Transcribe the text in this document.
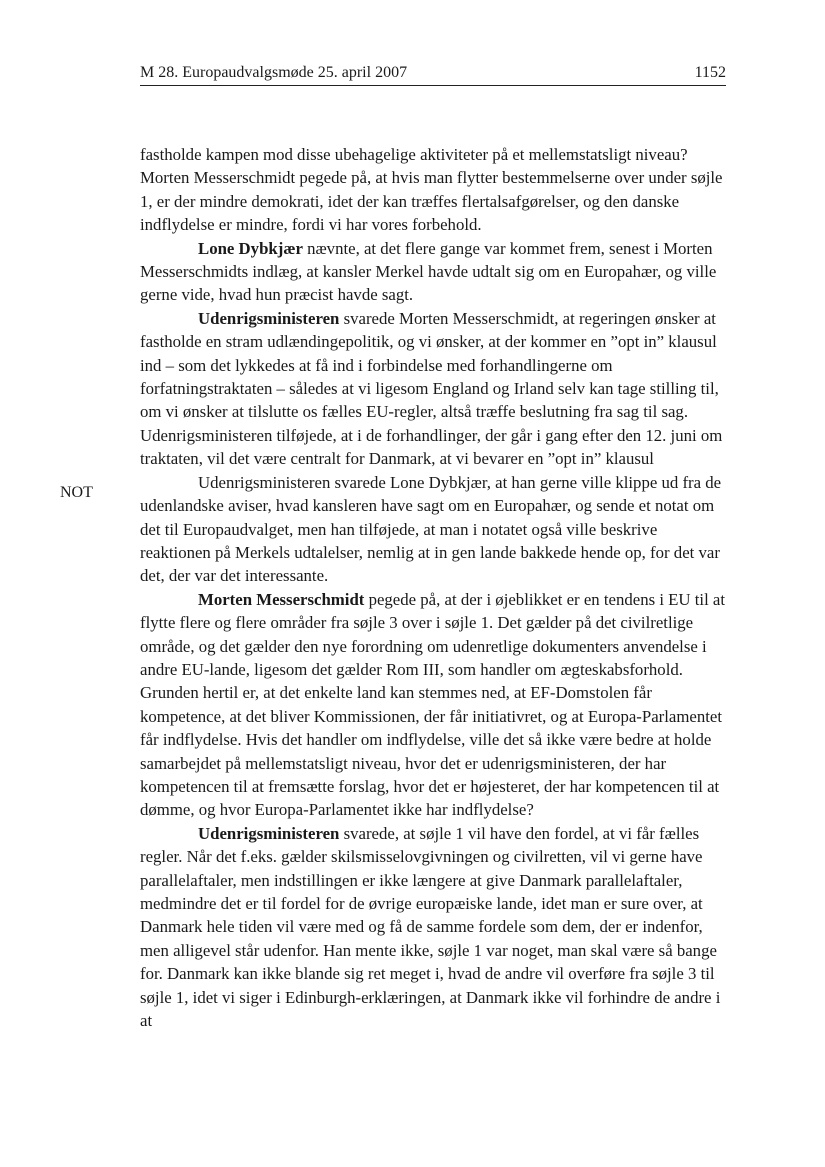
M 28. Europaudvalgsmøde 25. april 2007	1152
NOT

fastholde kampen mod disse ubehagelige aktiviteter på et mellemstatsligt niveau? Morten Messerschmidt pegede på, at hvis man flytter bestemmelserne over under søjle 1, er der mindre demokrati, idet der kan træffes flertalsafgørelser, og den danske indflydelse er mindre, fordi vi har vores forbehold.

Lone Dybkjær nævnte, at det flere gange var kommet frem, senest i Morten Messerschmidts indlæg, at kansler Merkel havde udtalt sig om en Europahær, og ville gerne vide, hvad hun præcist havde sagt.

Udenrigsministeren svarede Morten Messerschmidt, at regeringen ønsker at fastholde en stram udlændingepolitik, og vi ønsker, at der kommer en ”opt in” klausul ind – som det lykkedes at få ind i forbindelse med forhandlingerne om forfatningstraktaten – således at vi ligesom England og Irland selv kan tage stilling til, om vi ønsker at tilslutte os fælles EU-regler, altså træffe beslutning fra sag til sag. Udenrigsministeren tilføjede, at i de forhandlinger, der går i gang efter den 12. juni om traktaten, vil det være centralt for Danmark, at vi bevarer en ”opt in” klausul

Udenrigsministeren svarede Lone Dybkjær, at han gerne ville klippe ud fra de udenlandske aviser, hvad kansleren have sagt om en Europahær, og sende et notat om det til Europaudvalget, men han tilføjede, at man i notatet også ville beskrive reaktionen på Merkels udtalelser, nemlig at in gen lande bakkede hende op, for det var det, der var det interessante.

Morten Messerschmidt pegede på, at der i øjeblikket er en tendens i EU til at flytte flere og flere områder fra søjle 3 over i søjle 1. Det gælder på det civilretlige område, og det gælder den nye forordning om udenretlige dokumenters anvendelse i andre EU-lande, ligesom det gælder Rom III, som handler om ægteskabsforhold. Grunden hertil er, at det enkelte land kan stemmes ned, at EF-Domstolen får kompetence, at det bliver Kommissionen, der får initiativret, og at Europa-Parlamentet får indflydelse. Hvis det handler om indflydelse, ville det så ikke være bedre at holde samarbejdet på mellemstatsligt niveau, hvor det er udenrigsministeren, der har kompetencen til at fremsætte forslag, hvor det er højesteret, der har kompetencen til at dømme, og hvor Europa-Parlamentet ikke har indflydelse?

Udenrigsministeren svarede, at søjle 1 vil have den fordel, at vi får fælles regler. Når det f.eks. gælder skilsmisselovgivningen og civilretten, vil vi gerne have parallelaftaler, men indstillingen er ikke længere at give Danmark parallelaftaler, medmindre det er til fordel for de øvrige europæiske lande, idet man er sure over, at Danmark hele tiden vil være med og få de samme fordele som dem, der er indenfor, men alligevel står udenfor. Han mente ikke, søjle 1 var noget, man skal være så bange for. Danmark kan ikke blande sig ret meget i, hvad de andre vil overføre fra søjle 3 til søjle 1, idet vi siger i Edinburgh-erklæringen, at Danmark ikke vil forhindre de andre i at
